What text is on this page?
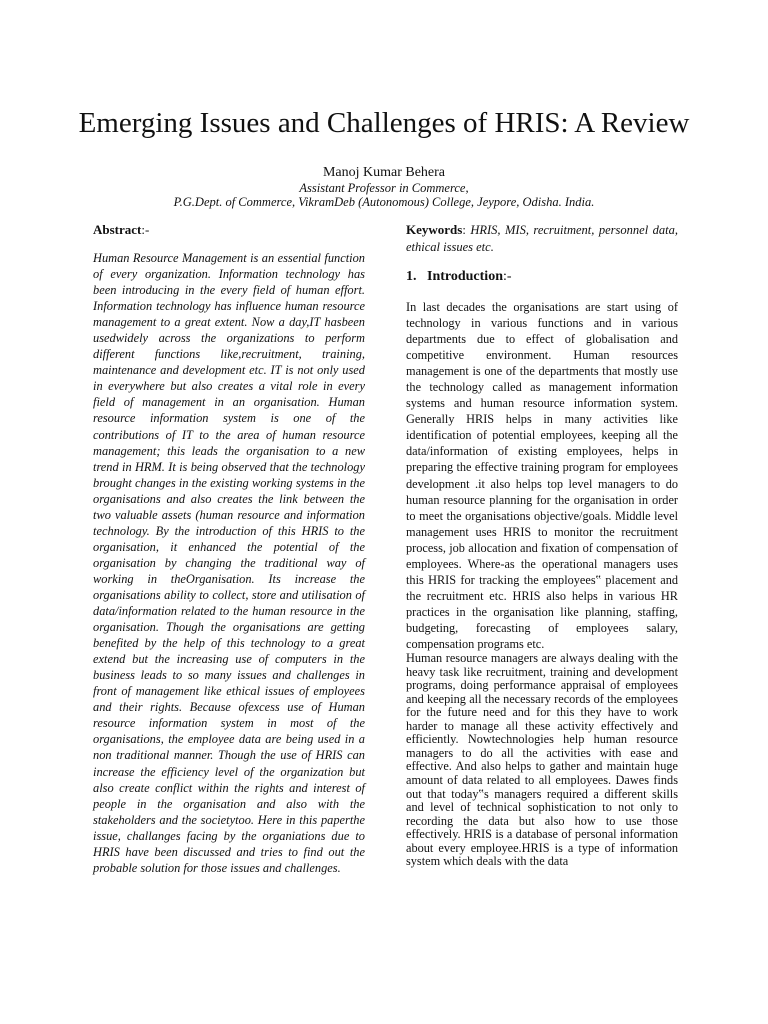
Emerging Issues and Challenges of HRIS: A Review
Manoj Kumar Behera
Assistant Professor in Commerce,
P.G.Dept. of Commerce, VikramDeb (Autonomous) College, Jeypore, Odisha. India.
Abstract:-

Human Resource Management is an essential function of every organization. Information technology has been introducing in the every field of human effort. Information technology has influence human resource management to a great extent. Now a day,IT hasbeen usedwidely across the organizations to perform different functions like,recruitment, training, maintenance and development etc. IT is not only used in everywhere but also creates a vital role in every field of management in an organisation. Human resource information system is one of the contributions of IT to the area of human resource management; this leads the organisation to a new trend in HRM. It is being observed that the technology brought changes in the existing working systems in the organisations and also creates the link between the two valuable assets (human resource and information technology. By the introduction of this HRIS to the organisation, it enhanced the potential of the organisation by changing the traditional way of working in theOrganisation. Its increase the organisations ability to collect, store and utilisation of data/information related to the human resource in the organisation. Though the organisations are getting benefited by the help of this technology to a great extend but the increasing use of computers in the business leads to so many issues and challenges in front of management like ethical issues of employees and their rights. Because ofexcess use of Human resource information system in most of the organisations, the employee data are being used in a non traditional manner. Though the use of HRIS can increase the efficiency level of the organization but also create conflict within the rights and interest of people in the organisation and also with the stakeholders and the societytoo. Here in this paperthe issue, challanges facing by the organiations due to HRIS have been discussed and tries to find out the probable solution for those issues and challenges.

Keywords: HRIS, MIS, recruitment, personnel data, ethical issues etc.

1.   Introduction:-

In last decades the organisations are start using of technology in various functions and in various departments due to effect of globalisation and competitive environment. Human resources management is one of the departments that mostly use the technology called as management information systems and human resource information system. Generally HRIS helps in many activities like identification of potential employees, keeping all the data/information of existing employees, helps in preparing the effective training program for employees development .it also helps top level managers to do human resource planning for the organisation in order to meet the organisations objective/goals. Middle level management uses HRIS to monitor the recruitment process, job allocation and fixation of compensation of employees. Where-as the operational managers uses this HRIS for tracking the employees‟ placement and the recruitment etc. HRIS also helps in various HR practices in the organisation like planning, staffing, budgeting, forecasting of employees salary, compensation programs etc.

Human resource managers are always dealing with the heavy task like recruitment, training and development programs, doing performance appraisal of employees and keeping all the necessary records of the employees for the future need and for this they have to work harder to manage all these activity effectively and efficiently. Nowtechnologies help human resource managers to do all the activities with ease and effective. And also helps to gather and maintain huge amount of data related to all employees. Dawes finds out that today‟s managers required a different skills and level of technical sophistication to not only to recording the data but also how to use those effectively. HRIS is a database of personal information about every employee.HRIS is a type of information system which deals with the data
